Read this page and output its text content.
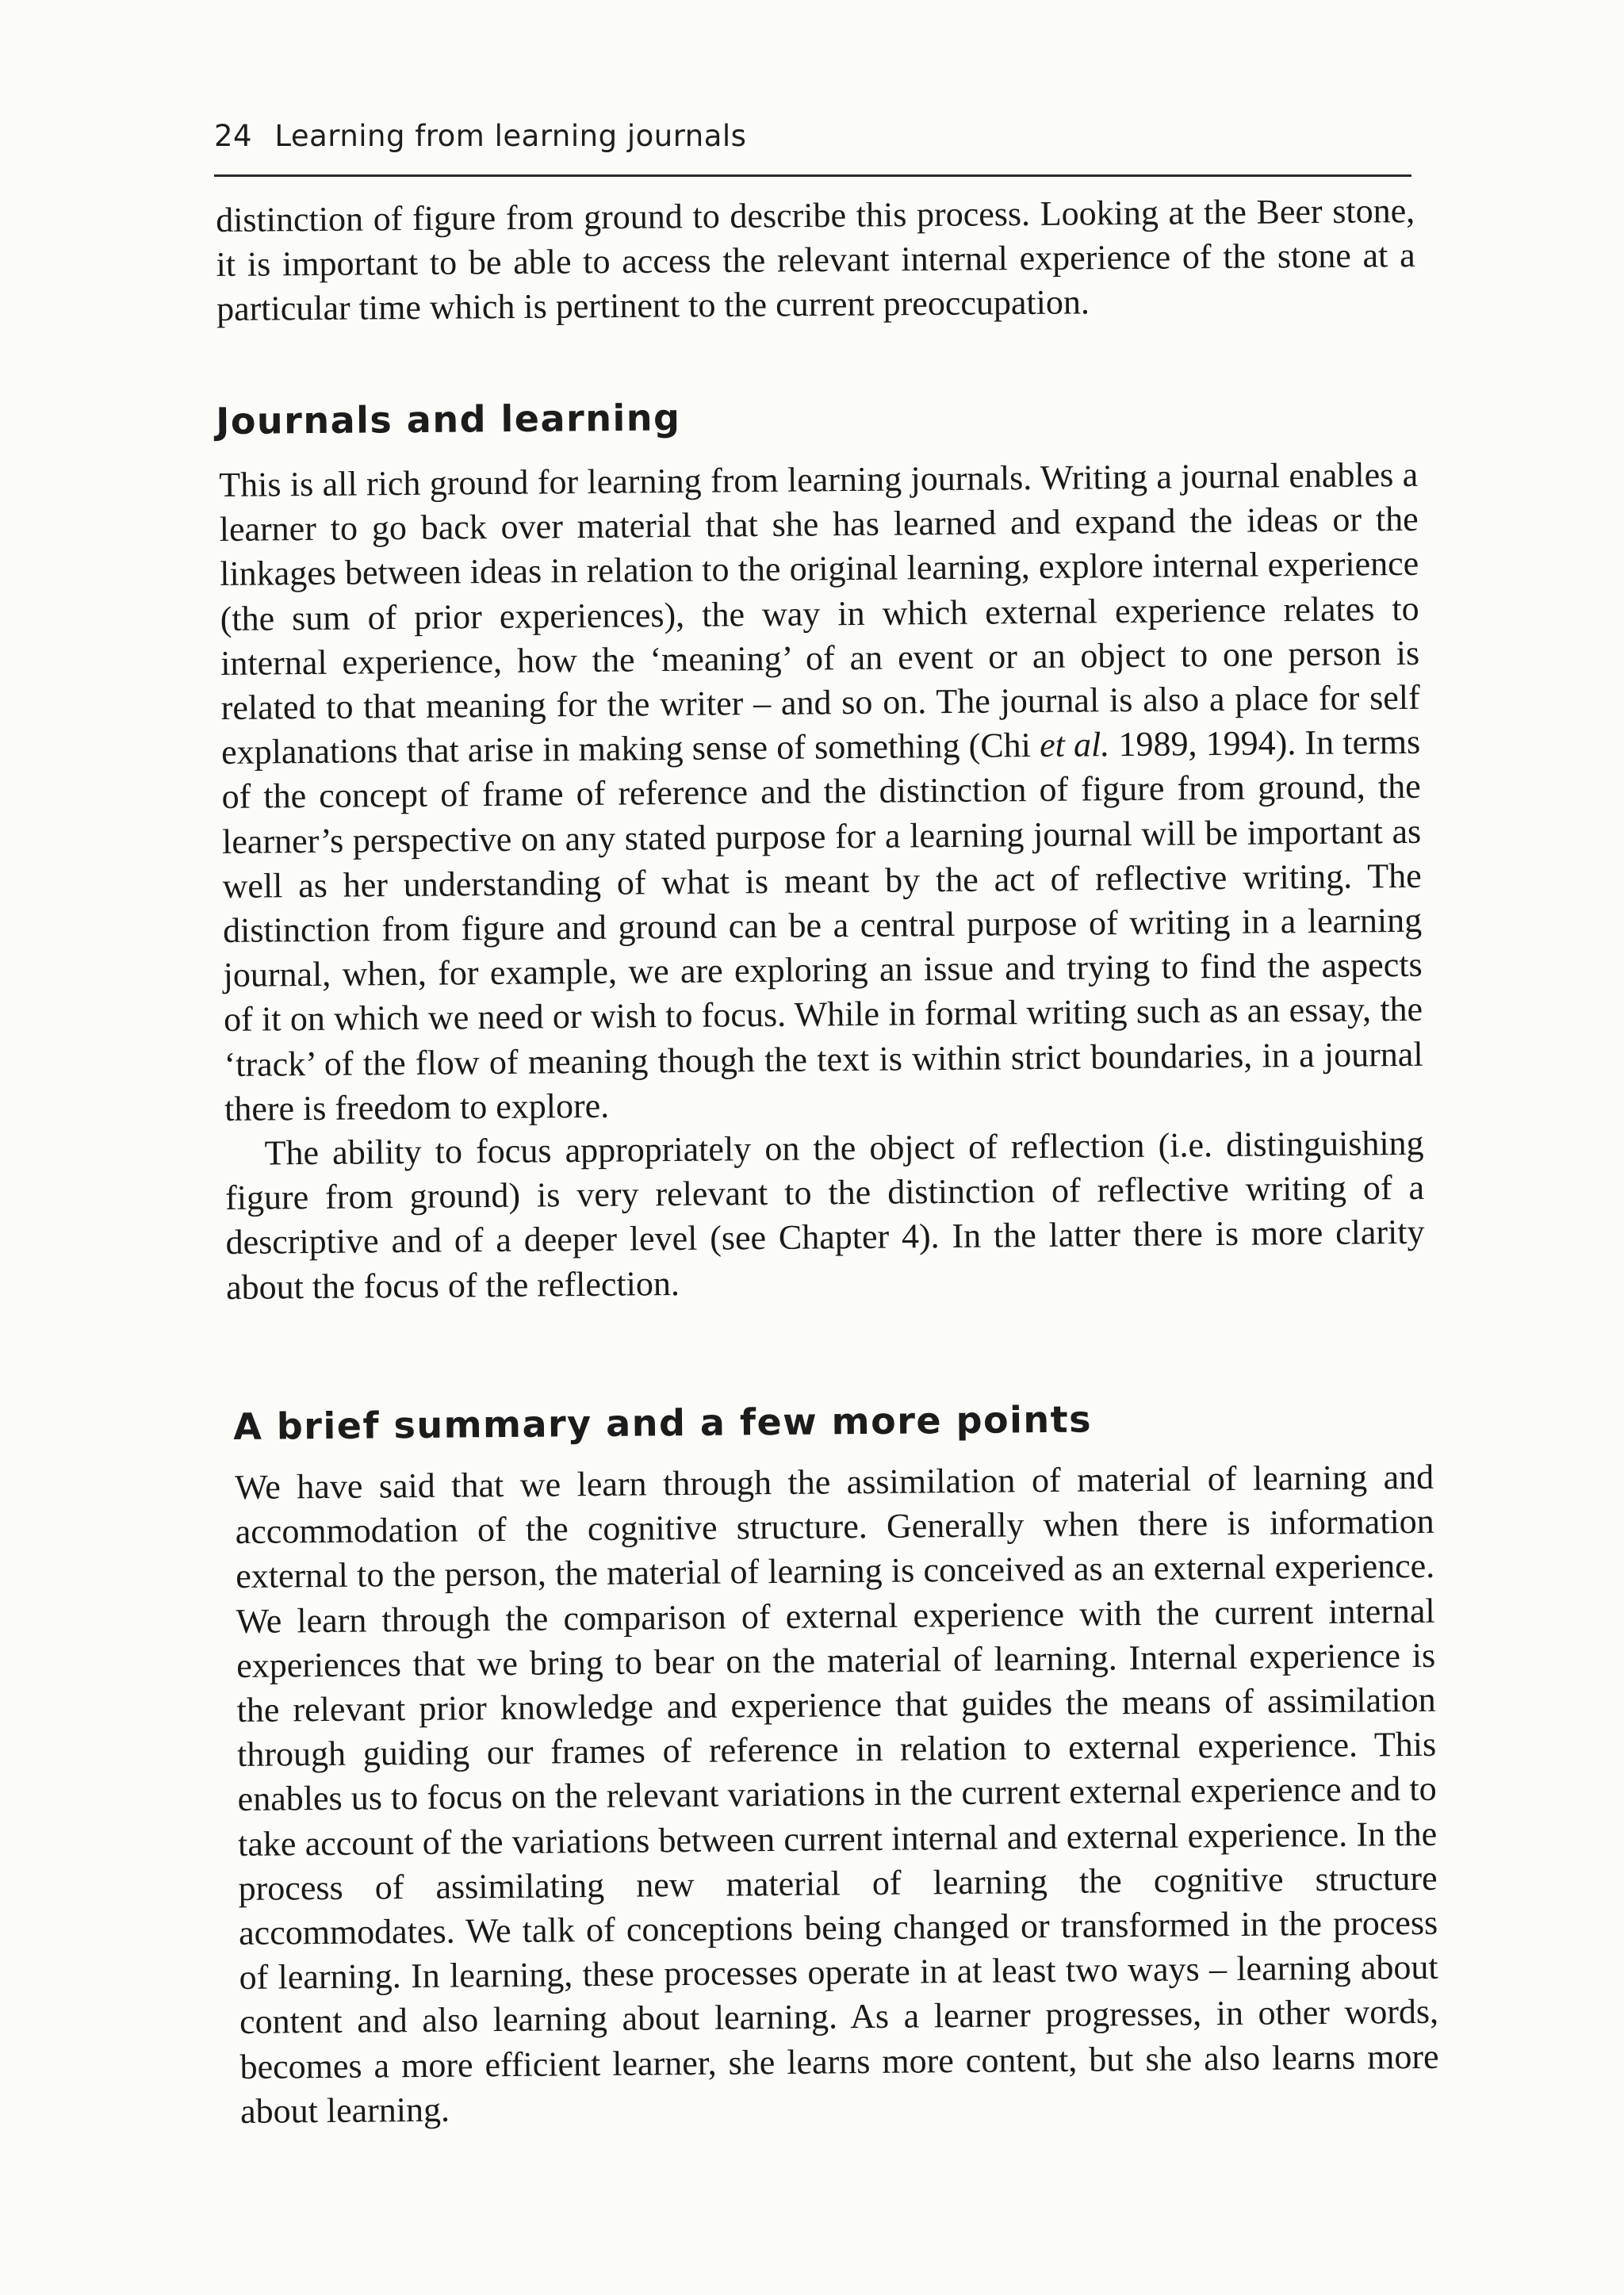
24 Learning from learning journals

distinction of figure from ground to describe this process. Looking at the Beer stone, it is important to be able to access the relevant internal experience of the stone at a particular time which is pertinent to the current preoccupation.

Journals and learning

This is all rich ground for learning from learning journals. Writing a journal enables a learner to go back over material that she has learned and expand the ideas or the linkages between ideas in relation to the original learning, explore internal experience (the sum of prior experiences), the way in which external experience relates to internal experience, how the ‘meaning’ of an event or an object to one person is related to that meaning for the writer – and so on. The journal is also a place for self explanations that arise in making sense of something (Chi et al. 1989, 1994). In terms of the concept of frame of reference and the distinction of figure from ground, the learner’s perspective on any stated purpose for a learning journal will be important as well as her understanding of what is meant by the act of reflective writing. The distinction from figure and ground can be a central purpose of writing in a learning journal, when, for example, we are exploring an issue and trying to find the aspects of it on which we need or wish to focus. While in formal writing such as an essay, the ‘track’ of the flow of meaning though the text is within strict boundaries, in a journal there is freedom to explore.

The ability to focus appropriately on the object of reflection (i.e. distinguishing figure from ground) is very relevant to the distinction of reflective writing of a descriptive and of a deeper level (see Chapter 4). In the latter there is more clarity about the focus of the reflection.

A brief summary and a few more points

We have said that we learn through the assimilation of material of learning and accommodation of the cognitive structure. Generally when there is information external to the person, the material of learning is conceived as an external experience. We learn through the comparison of external experience with the current internal experiences that we bring to bear on the material of learning. Internal experience is the relevant prior knowledge and experience that guides the means of assimilation through guiding our frames of reference in relation to external experience. This enables us to focus on the relevant variations in the current external experience and to take account of the variations between current internal and external experience. In the process of assimilating new material of learning the cognitive structure accommodates. We talk of conceptions being changed or transformed in the process of learning. In learning, these processes operate in at least two ways – learning about content and also learning about learning. As a learner progresses, in other words, becomes a more efficient learner, she learns more content, but she also learns more about learning.
